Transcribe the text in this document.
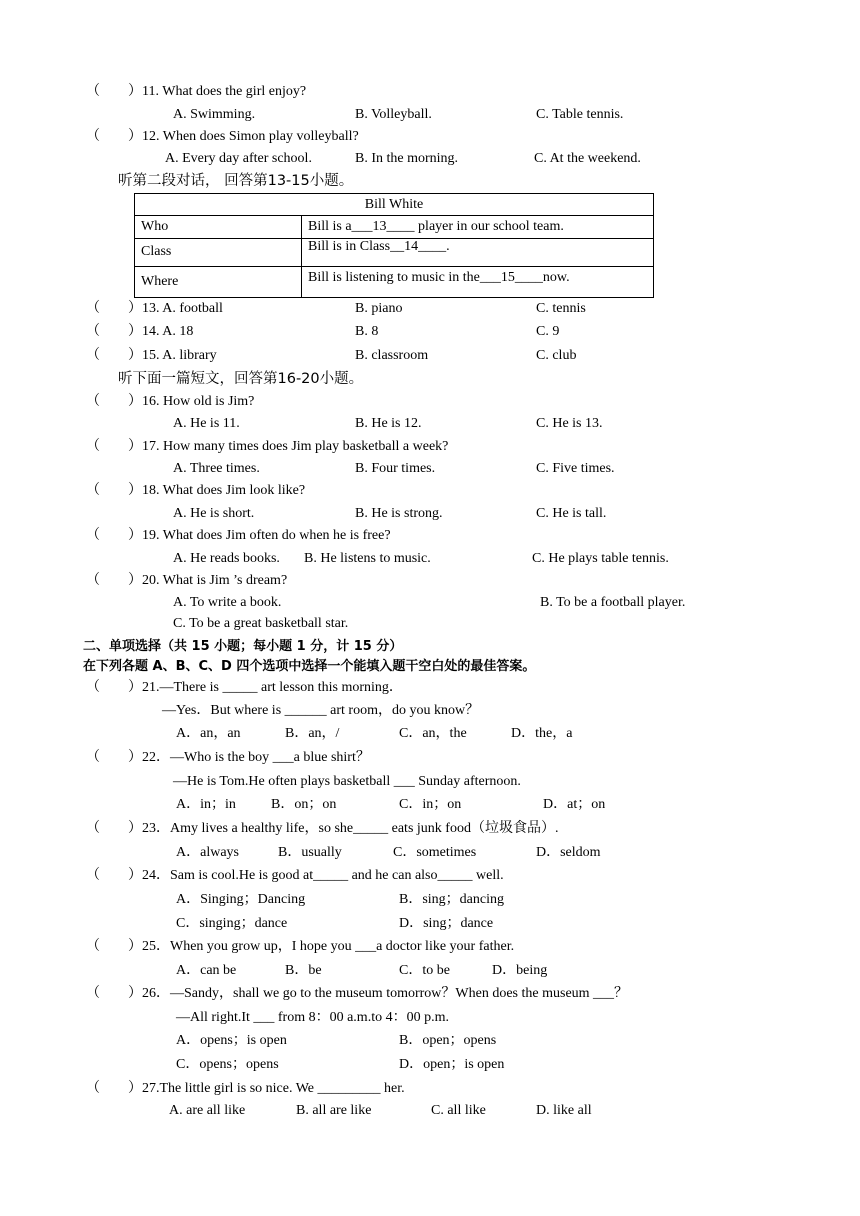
（ ）11. What does the girl enjoy?
A. Swimming.	B. Volleyball.	C. Table tennis.
（ ）12. When does Simon play volleyball?
A. Every day after school.	B. In the morning.	C. At the weekend.
听第二段对话， 回答第13-15小题。
Bill White	
Who	Bill is a___13____ player in our school team.
Class	Bill is in Class__14____.
Where	Bill is listening to music in the___15____now.
（ ）13. A. football	B. piano	C. tennis
（ ）14. A. 18	B. 8	C. 9
（ ）15. A. library	B. classroom	C. club
听下面一篇短文，回答第16-20小题。
（ ）16. How old is Jim?
A. He is 11.	B. He is 12.	C. He is 13.
（ ）17. How many times does Jim play basketball a week?
A. Three times.	B. Four times.	C. Five times.
（ ）18. What does Jim look like?
A. He is short.	B. He is strong.	C. He is tall.
（ ）19. What does Jim often do when he is free?
A. He reads books. B. He listens to music.	C. He plays table tennis.
（ ）20. What is Jim ’s dream?
A. To write a book.	B. To be a football player.
C. To be a great basketball star.
二、单项选择（共 15 小题；每小题 1 分，计 15 分）
在下列各题 A、B、C、D 四个选项中选择一个能填入题干空白处的最佳答案。
（ ）21.—There is _____ art lesson this morning．
—Yes．But where is ______ art room，do you know？
A．an，an	B．an，/	C．an，the	D．the，a
（ ）22．—Who is the boy ___a blue shirt？
—He is Tom.He often plays basketball ___ Sunday afternoon.
A．in；in	B．on；on	C．in；on	D．at；on
（ ）23．Amy lives a healthy life，so she_____ eats junk food（垃圾食品）.
A．always	B．usually	C．sometimes	D．seldom
（ ）24．Sam is cool.He is good at_____ and he can also_____ well.
A．Singing；Dancing	B．sing；dancing
C．singing；dance	D．sing；dance
（ ）25．When you grow up，I hope you ___a doctor like your father.
A．can be	B．be	C．to be	D．being
（ ）26．—Sandy，shall we go to the museum tomorrow？When does the museum ___？
—All right.It ___ from 8：00 a.m.to 4：00 p.m.
A．opens；is open	B．open；opens
C．opens；opens	D．open；is open
（ ）27.The little girl is so nice. We _________ her.
A. are all like	B. all are like	C. all like	D. like all
